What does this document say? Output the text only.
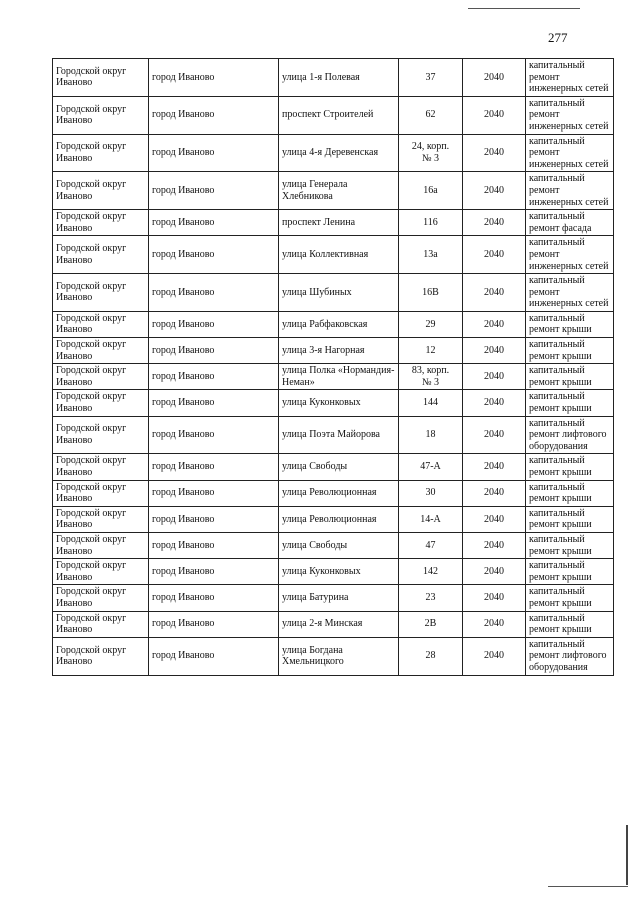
277
Городской округ Иваново	город Иваново	улица 1-я Полевая	37	2040	капитальный ремонт инженерных сетей
Городской округ Иваново	город Иваново	проспект Строителей	62	2040	капитальный ремонт инженерных сетей
Городской округ Иваново	город Иваново	улица 4-я Деревенская	24, корп. № 3	2040	капитальный ремонт инженерных сетей
Городской округ Иваново	город Иваново	улица Генерала Хлебникова	16а	2040	капитальный ремонт инженерных сетей
Городской округ Иваново	город Иваново	проспект Ленина	116	2040	капитальный ремонт фасада
Городской округ Иваново	город Иваново	улица Коллективная	13а	2040	капитальный ремонт инженерных сетей
Городской округ Иваново	город Иваново	улица Шубиных	16В	2040	капитальный ремонт инженерных сетей
Городской округ Иваново	город Иваново	улица Рабфаковская	29	2040	капитальный ремонт крыши
Городской округ Иваново	город Иваново	улица 3-я Нагорная	12	2040	капитальный ремонт крыши
Городской округ Иваново	город Иваново	улица Полка «Нормандия-Неман»	83, корп. № 3	2040	капитальный ремонт крыши
Городской округ Иваново	город Иваново	улица Куконковых	144	2040	капитальный ремонт крыши
Городской округ Иваново	город Иваново	улица Поэта Майорова	18	2040	капитальный ремонт лифтового оборудования
Городской округ Иваново	город Иваново	улица Свободы	47-А	2040	капитальный ремонт крыши
Городской округ Иваново	город Иваново	улица Революционная	30	2040	капитальный ремонт крыши
Городской округ Иваново	город Иваново	улица Революционная	14-А	2040	капитальный ремонт крыши
Городской округ Иваново	город Иваново	улица Свободы	47	2040	капитальный ремонт крыши
Городской округ Иваново	город Иваново	улица Куконковых	142	2040	капитальный ремонт крыши
Городской округ Иваново	город Иваново	улица Батурина	23	2040	капитальный ремонт крыши
Городской округ Иваново	город Иваново	улица 2-я Минская	2В	2040	капитальный ремонт крыши
Городской округ Иваново	город Иваново	улица Богдана Хмельницкого	28	2040	капитальный ремонт лифтового оборудования
